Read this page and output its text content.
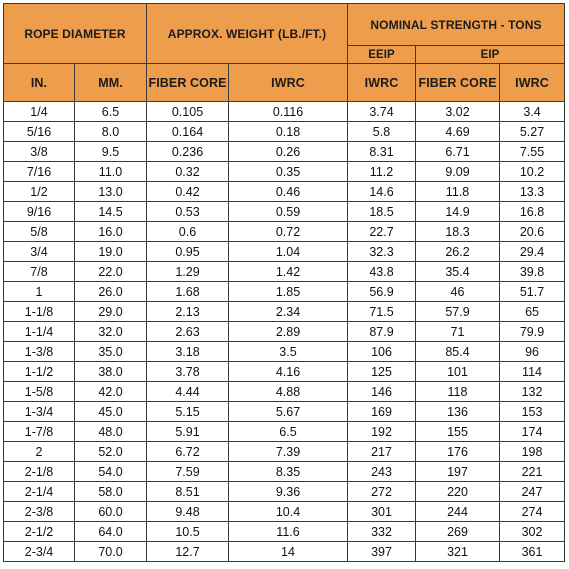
ROPE DIAMETER		APPROX. WEIGHT (LB./FT.)		NOMINAL STRENGTH - TONS		
				EEIP	EIP	
IN.	MM.	FIBER CORE	IWRC	IWRC	FIBER CORE	IWRC
1/4	6.5	0.105	0.116	3.74	3.02	3.4
5/16	8.0	0.164	0.18	5.8	4.69	5.27
3/8	9.5	0.236	0.26	8.31	6.71	7.55
7/16	11.0	0.32	0.35	11.2	9.09	10.2
1/2	13.0	0.42	0.46	14.6	11.8	13.3
9/16	14.5	0.53	0.59	18.5	14.9	16.8
5/8	16.0	0.6	0.72	22.7	18.3	20.6
3/4	19.0	0.95	1.04	32.3	26.2	29.4
7/8	22.0	1.29	1.42	43.8	35.4	39.8
1	26.0	1.68	1.85	56.9	46	51.7
1-1/8	29.0	2.13	2.34	71.5	57.9	65
1-1/4	32.0	2.63	2.89	87.9	71	79.9
1-3/8	35.0	3.18	3.5	106	85.4	96
1-1/2	38.0	3.78	4.16	125	101	114
1-5/8	42.0	4.44	4.88	146	118	132
1-3/4	45.0	5.15	5.67	169	136	153
1-7/8	48.0	5.91	6.5	192	155	174
2	52.0	6.72	7.39	217	176	198
2-1/8	54.0	7.59	8.35	243	197	221
2-1/4	58.0	8.51	9.36	272	220	247
2-3/8	60.0	9.48	10.4	301	244	274
2-1/2	64.0	10.5	11.6	332	269	302
2-3/4	70.0	12.7	14	397	321	361
